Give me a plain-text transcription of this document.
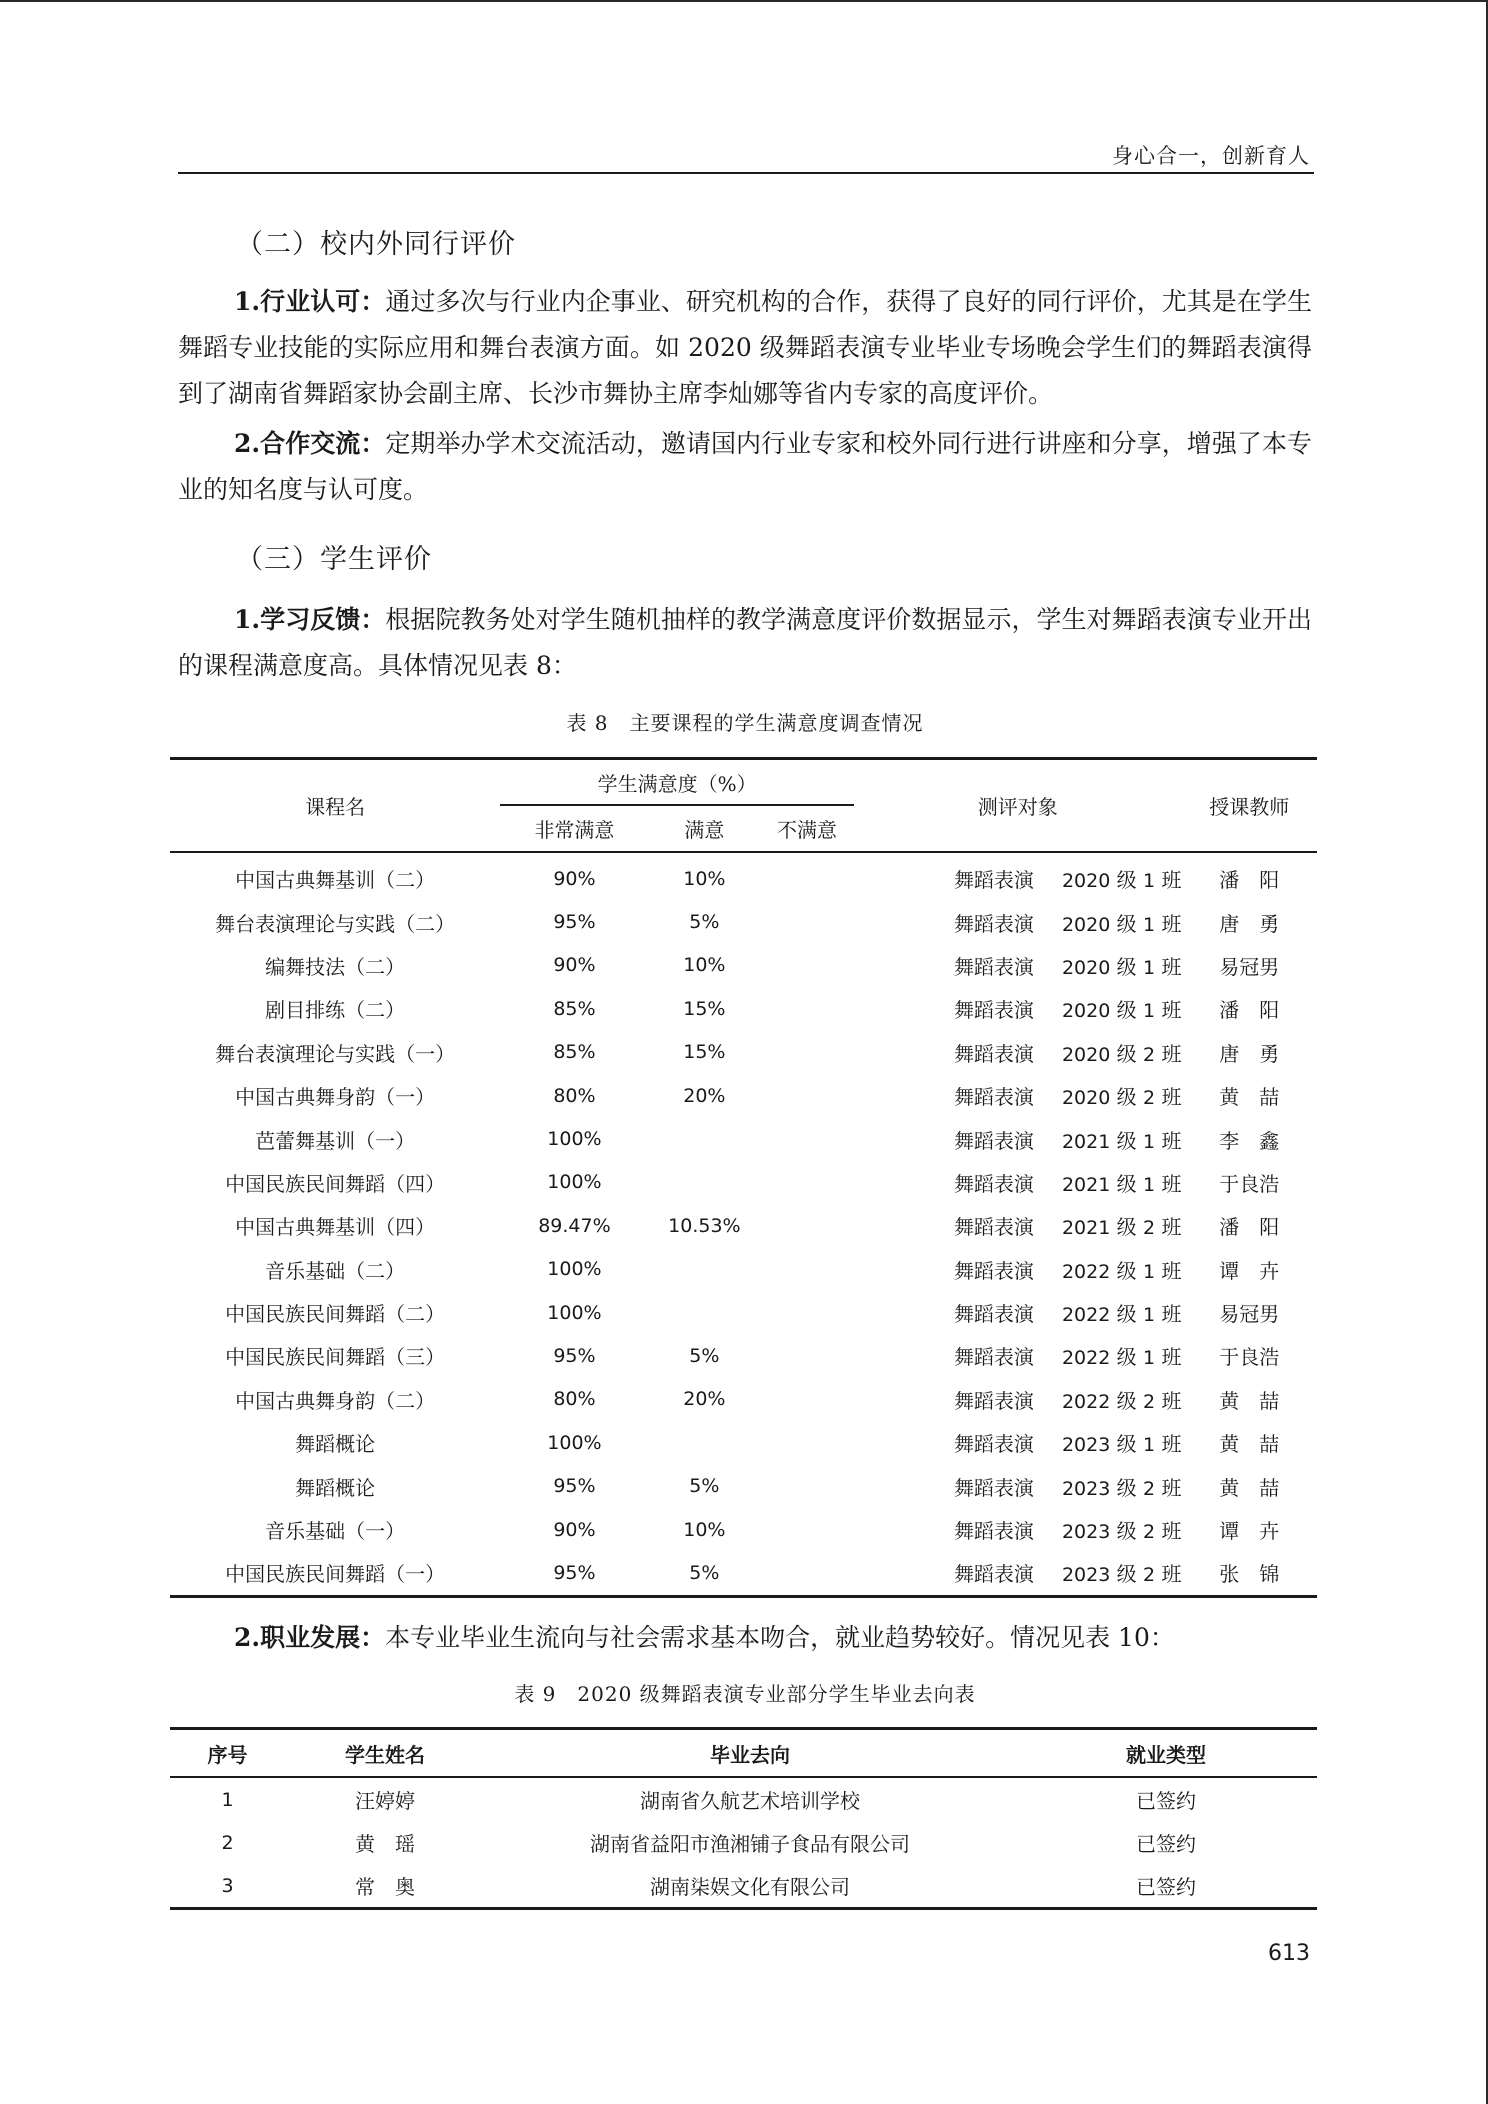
身心合一，创新育人
（二）校内外同行评价

1.行业认可：通过多次与行业内企事业、研究机构的合作，获得了良好的同行评价，尤其是在学生舞蹈专业技能的实际应用和舞台表演方面。如 2020 级舞蹈表演专业毕业专场晚会学生们的舞蹈表演得到了湖南省舞蹈家协会副主席、长沙市舞协主席李灿娜等省内专家的高度评价。

2.合作交流：定期举办学术交流活动，邀请国内行业专家和校外同行进行讲座和分享，增强了本专业的知名度与认可度。

（三）学生评价

1.学习反馈：根据院教务处对学生随机抽样的教学满意度评价数据显示，学生对舞蹈表演专业开出的课程满意度高。具体情况见表 8：

表 8　主要课程的学生满意度调查情况
课程名	学生满意度（%）			测评对象	授课教师
	非常满意	满意	不满意		
中国古典舞基训（二）	90%	10%		舞蹈表演 2020 级 1 班	潘　阳
舞台表演理论与实践（二）	95%	5%		舞蹈表演 2020 级 1 班	唐　勇
编舞技法（二）	90%	10%		舞蹈表演 2020 级 1 班	易冠男
剧目排练（二）	85%	15%		舞蹈表演 2020 级 1 班	潘　阳
舞台表演理论与实践（一）	85%	15%		舞蹈表演 2020 级 2 班	唐　勇
中国古典舞身韵（一）	80%	20%		舞蹈表演 2020 级 2 班	黄　喆
芭蕾舞基训（一）	100%			舞蹈表演 2021 级 1 班	李　鑫
中国民族民间舞蹈（四）	100%			舞蹈表演 2021 级 1 班	于良浩
中国古典舞基训（四）	89.47%	10.53%		舞蹈表演 2021 级 2 班	潘　阳
音乐基础（二）	100%			舞蹈表演 2022 级 1 班	谭　卉
中国民族民间舞蹈（二）	100%			舞蹈表演 2022 级 1 班	易冠男
中国民族民间舞蹈（三）	95%	5%		舞蹈表演 2022 级 1 班	于良浩
中国古典舞身韵（二）	80%	20%		舞蹈表演 2022 级 2 班	黄　喆
舞蹈概论	100%			舞蹈表演 2023 级 1 班	黄　喆
舞蹈概论	95%	5%		舞蹈表演 2023 级 2 班	黄　喆
音乐基础（一）	90%	10%		舞蹈表演 2023 级 2 班	谭　卉
中国民族民间舞蹈（一）	95%	5%		舞蹈表演 2023 级 2 班	张　锦

2.职业发展：本专业毕业生流向与社会需求基本吻合，就业趋势较好。情况见表 10：

表 9　2020 级舞蹈表演专业部分学生毕业去向表
序号	学生姓名	毕业去向	就业类型
1	汪婷婷	湖南省久航艺术培训学校	已签约
2	黄　瑶	湖南省益阳市渔湘铺子食品有限公司	已签约
3	常　奥	湖南柒娱文化有限公司	已签约
613
